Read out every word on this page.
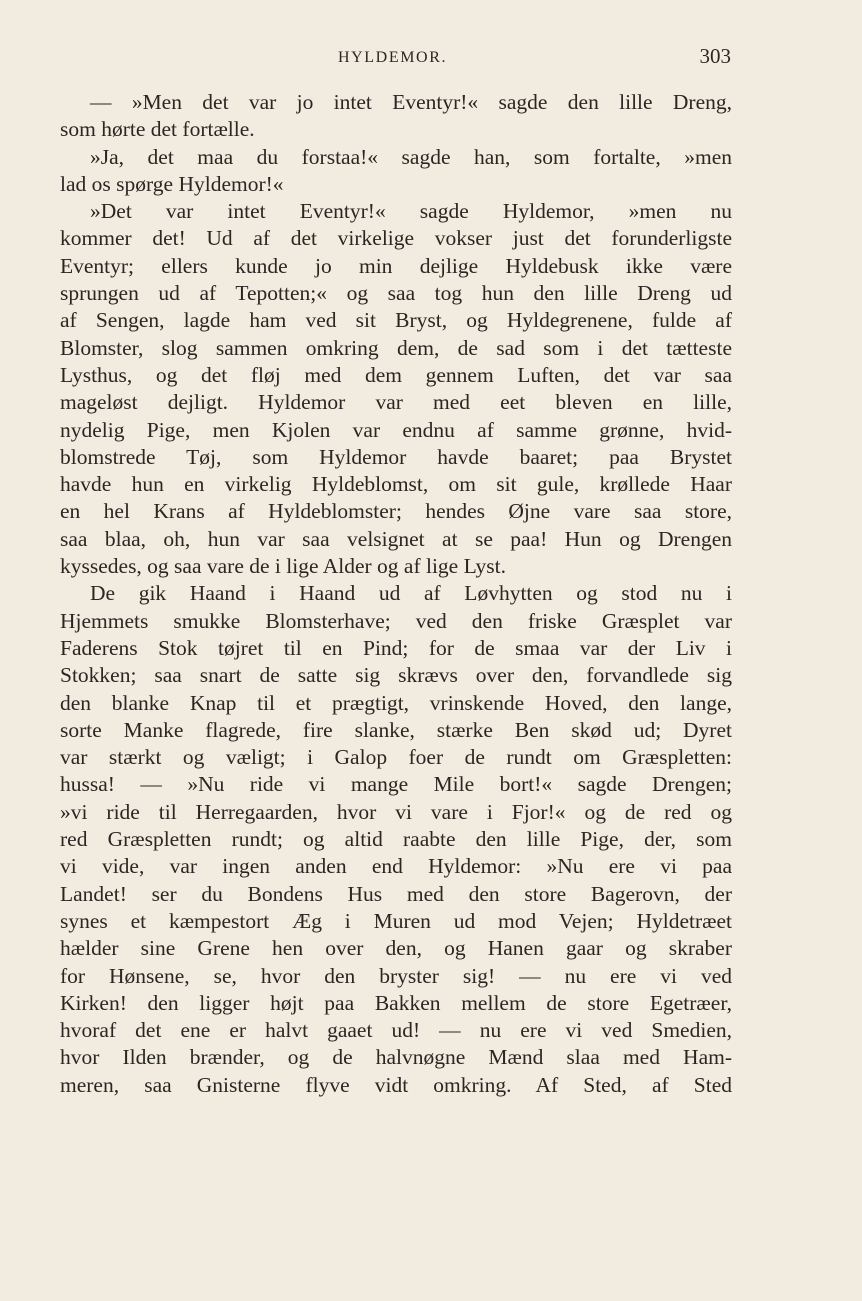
HYLDEMOR.	303
— »Men det var jo intet Eventyr!« sagde den lille Dreng,
som hørte det fortælle.
»Ja, det maa du forstaa!« sagde han, som fortalte, »men
lad os spørge Hyldemor!«
»Det var intet Eventyr!« sagde Hyldemor, »men nu
kommer det! Ud af det virkelige vokser just det forunderligste
Eventyr; ellers kunde jo min dejlige Hyldebusk ikke være
sprungen ud af Tepotten;« og saa tog hun den lille Dreng ud
af Sengen, lagde ham ved sit Bryst, og Hyldegrenene, fulde af
Blomster, slog sammen omkring dem, de sad som i det tætteste
Lysthus, og det fløj med dem gennem Luften, det var saa
mageløst dejligt. Hyldemor var med eet bleven en lille,
nydelig Pige, men Kjolen var endnu af samme grønne, hvid-
blomstrede Tøj, som Hyldemor havde baaret; paa Brystet
havde hun en virkelig Hyldeblomst, om sit gule, krøllede Haar
en hel Krans af Hyldeblomster; hendes Øjne vare saa store,
saa blaa, oh, hun var saa velsignet at se paa! Hun og Drengen
kyssedes, og saa vare de i lige Alder og af lige Lyst.
De gik Haand i Haand ud af Løvhytten og stod nu i
Hjemmets smukke Blomsterhave; ved den friske Græsplet var
Faderens Stok tøjret til en Pind; for de smaa var der Liv i
Stokken; saa snart de satte sig skrævs over den, forvandlede sig
den blanke Knap til et prægtigt, vrinskende Hoved, den lange,
sorte Manke flagrede, fire slanke, stærke Ben skød ud; Dyret
var stærkt og væligt; i Galop foer de rundt om Græspletten:
hussa! — »Nu ride vi mange Mile bort!« sagde Drengen;
»vi ride til Herregaarden, hvor vi vare i Fjor!« og de red og
red Græspletten rundt; og altid raabte den lille Pige, der, som
vi vide, var ingen anden end Hyldemor: »Nu ere vi paa
Landet! ser du Bondens Hus med den store Bagerovn, der
synes et kæmpestort Æg i Muren ud mod Vejen; Hyldetræet
hælder sine Grene hen over den, og Hanen gaar og skraber
for Hønsene, se, hvor den bryster sig! — nu ere vi ved
Kirken! den ligger højt paa Bakken mellem de store Egetræer,
hvoraf det ene er halvt gaaet ud! — nu ere vi ved Smedien,
hvor Ilden brænder, og de halvnøgne Mænd slaa med Ham-
meren, saa Gnisterne flyve vidt omkring. Af Sted, af Sted
